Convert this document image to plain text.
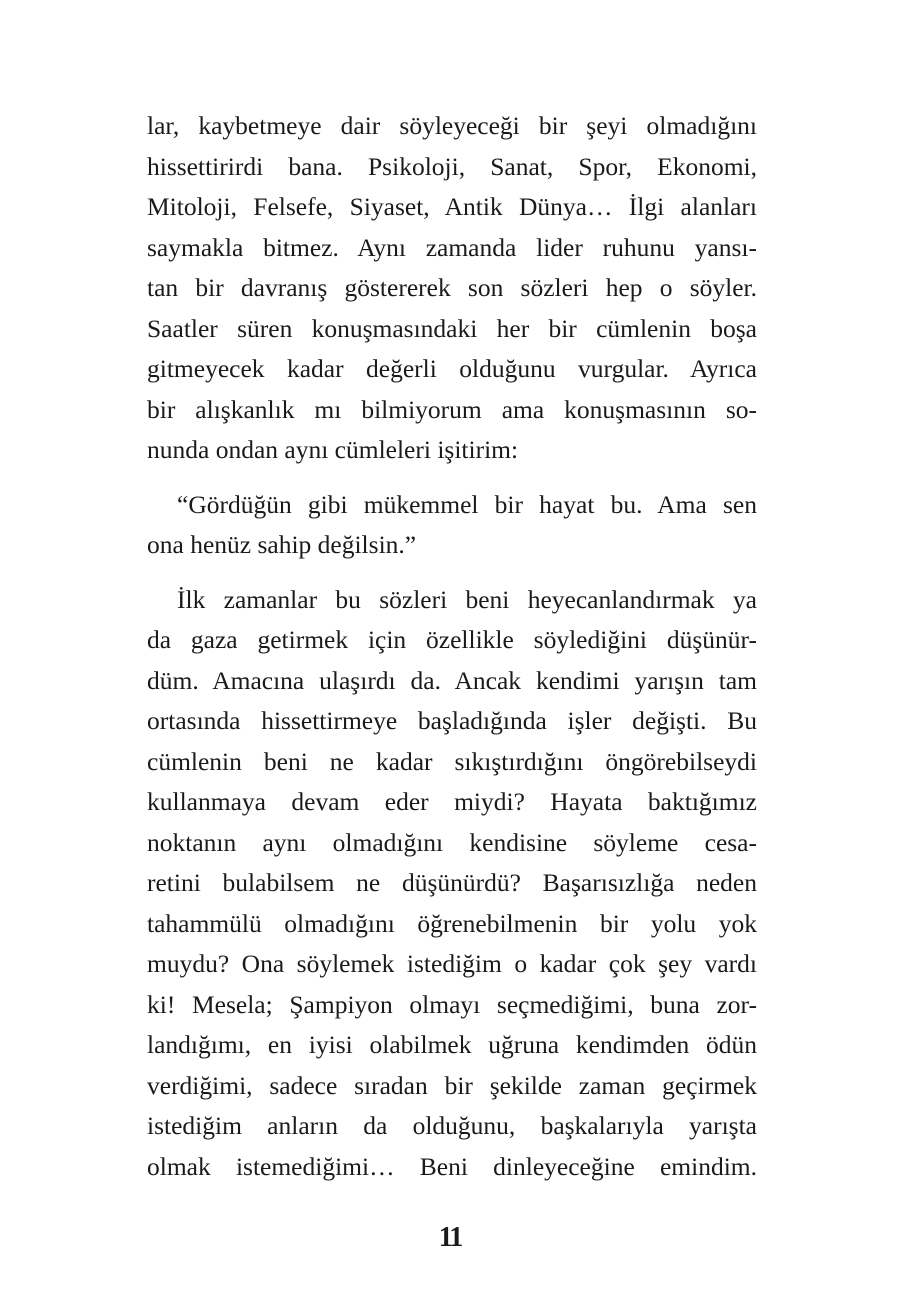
lar, kaybetmeye dair söyleyeceği bir şeyi olmadığını
hissettirirdi bana. Psikoloji, Sanat, Spor, Ekonomi,
Mitoloji, Felsefe, Siyaset, Antik Dünya… İlgi alanları
saymakla bitmez. Aynı zamanda lider ruhunu yansı-
tan bir davranış göstererek son sözleri hep o söyler.
Saatler süren konuşmasındaki her bir cümlenin boşa
gitmeyecek kadar değerli olduğunu vurgular. Ayrıca
bir alışkanlık mı bilmiyorum ama konuşmasının so-
nunda ondan aynı cümleleri işitirim:
“Gördüğün gibi mükemmel bir hayat bu. Ama sen
ona henüz sahip değilsin.”
İlk zamanlar bu sözleri beni heyecanlandırmak ya
da gaza getirmek için özellikle söylediğini düşünür-
düm. Amacına ulaşırdı da. Ancak kendimi yarışın tam
ortasında hissettirmeye başladığında işler değişti. Bu
cümlenin beni ne kadar sıkıştırdığını öngörebilseydi
kullanmaya devam eder miydi? Hayata baktığımız
noktanın aynı olmadığını kendisine söyleme cesa-
retini bulabilsem ne düşünürdü? Başarısızlığa neden
tahammülü olmadığını öğrenebilmenin bir yolu yok
muydu? Ona söylemek istediğim o kadar çok şey vardı
ki! Mesela; Şampiyon olmayı seçmediğimi, buna zor-
landığımı, en iyisi olabilmek uğruna kendimden ödün
verdiğimi, sadece sıradan bir şekilde zaman geçirmek
istediğim anların da olduğunu, başkalarıyla yarışta
olmak istemediğimi… Beni dinleyeceğine emindim.
11
